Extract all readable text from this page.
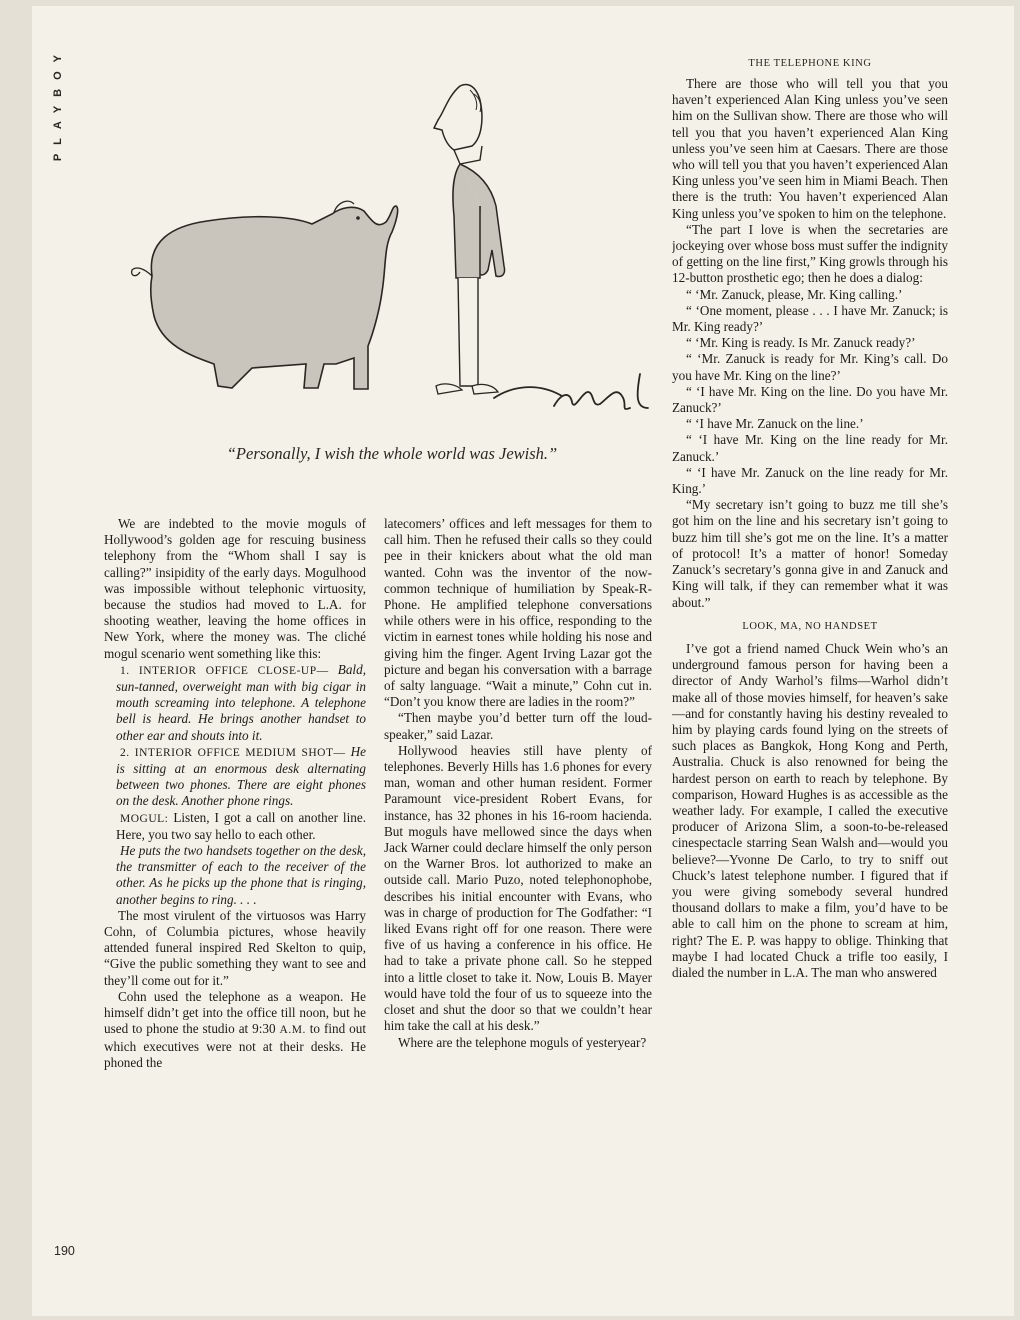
PLAYBOY

“Personally, I wish the whole world was Jewish.”

We are indebted to the movie moguls of Hollywood’s golden age for rescuing business telephony from the “Whom shall I say is calling?” insipidity of the early days. Mogulhood was impossible without telephonic virtuosity, because the studios had moved to L.A. for shooting weather, leaving the home offices in New York, where the money was. The cliché mogul scenario went something like this:

1. INTERIOR OFFICE CLOSE-UP— Bald, sun-tanned, overweight man with big cigar in mouth screaming into telephone. A telephone bell is heard. He brings another handset to other ear and shouts into it.

2. INTERIOR OFFICE MEDIUM SHOT— He is sitting at an enormous desk alternating between two phones. There are eight phones on the desk. Another phone rings.

MOGUL: Listen, I got a call on another line. Here, you two say hello to each other.

He puts the two handsets together on the desk, the transmitter of each to the receiver of the other. As he picks up the phone that is ringing, another begins to ring. . . .

The most virulent of the virtuosos was Harry Cohn, of Columbia pictures, whose heavily attended funeral inspired Red Skelton to quip, “Give the public something they want to see and they’ll come out for it.”

Cohn used the telephone as a weapon. He himself didn’t get into the office till noon, but he used to phone the studio at 9:30 A.M. to find out which executives were not at their desks. He phoned the

latecomers’ offices and left messages for them to call him. Then he refused their calls so they could pee in their knickers about what the old man wanted. Cohn was the inventor of the now-common technique of humiliation by Speak-R-Phone. He amplified telephone conversations while others were in his office, responding to the victim in earnest tones while holding his nose and giving him the finger. Agent Irving Lazar got the picture and began his conversation with a barrage of salty language. “Wait a minute,” Cohn cut in. “Don’t you know there are ladies in the room?”

“Then maybe you’d better turn off the loud-speaker,” said Lazar.

Hollywood heavies still have plenty of telephones. Beverly Hills has 1.6 phones for every man, woman and other human resident. Former Paramount vice-president Robert Evans, for instance, has 32 phones in his 16-room hacienda. But moguls have mellowed since the days when Jack Warner could declare himself the only person on the Warner Bros. lot authorized to make an outside call. Mario Puzo, noted telephonophobe, describes his initial encounter with Evans, who was in charge of production for The Godfather: “I liked Evans right off for one reason. There were five of us having a conference in his office. He had to take a private phone call. So he stepped into a little closet to take it. Now, Louis B. Mayer would have told the four of us to squeeze into the closet and shut the door so that we couldn’t hear him take the call at his desk.”

Where are the telephone moguls of yesteryear?

THE TELEPHONE KING

There are those who will tell you that you haven’t experienced Alan King unless you’ve seen him on the Sullivan show. There are those who will tell you that you haven’t experienced Alan King unless you’ve seen him at Caesars. There are those who will tell you that you haven’t experienced Alan King unless you’ve seen him in Miami Beach. Then there is the truth: You haven’t experienced Alan King unless you’ve spoken to him on the telephone.

“The part I love is when the secretaries are jockeying over whose boss must suffer the indignity of getting on the line first,” King growls through his 12-button prosthetic ego; then he does a dialog:

“ ‘Mr. Zanuck, please, Mr. King calling.’

“ ‘One moment, please . . . I have Mr. Zanuck; is Mr. King ready?’

“ ‘Mr. King is ready. Is Mr. Zanuck ready?’

“ ‘Mr. Zanuck is ready for Mr. King’s call. Do you have Mr. King on the line?’

“ ‘I have Mr. King on the line. Do you have Mr. Zanuck?’

“ ‘I have Mr. Zanuck on the line.’

“ ‘I have Mr. King on the line ready for Mr. Zanuck.’

“ ‘I have Mr. Zanuck on the line ready for Mr. King.’

“My secretary isn’t going to buzz me till she’s got him on the line and his secretary isn’t going to buzz him till she’s got me on the line. It’s a matter of protocol! It’s a matter of honor! Someday Zanuck’s secretary’s gonna give in and Zanuck and King will talk, if they can remember what it was about.”

LOOK, MA, NO HANDSET

I’ve got a friend named Chuck Wein who’s an underground famous person for having been a director of Andy Warhol’s films—Warhol didn’t make all of those movies himself, for heaven’s sake—and for constantly having his destiny revealed to him by playing cards found lying on the streets of such places as Bangkok, Hong Kong and Perth, Australia. Chuck is also renowned for being the hardest person on earth to reach by telephone. By comparison, Howard Hughes is as accessible as the weather lady. For example, I called the executive producer of Arizona Slim, a soon-to-be-released cinespectacle starring Sean Walsh and—would you believe?—Yvonne De Carlo, to try to sniff out Chuck’s latest telephone number. I figured that if you were giving somebody several hundred thousand dollars to make a film, you’d have to be able to call him on the phone to scream at him, right? The E. P. was happy to oblige. Thinking that maybe I had located Chuck a trifle too easily, I dialed the number in L.A. The man who answered

190
